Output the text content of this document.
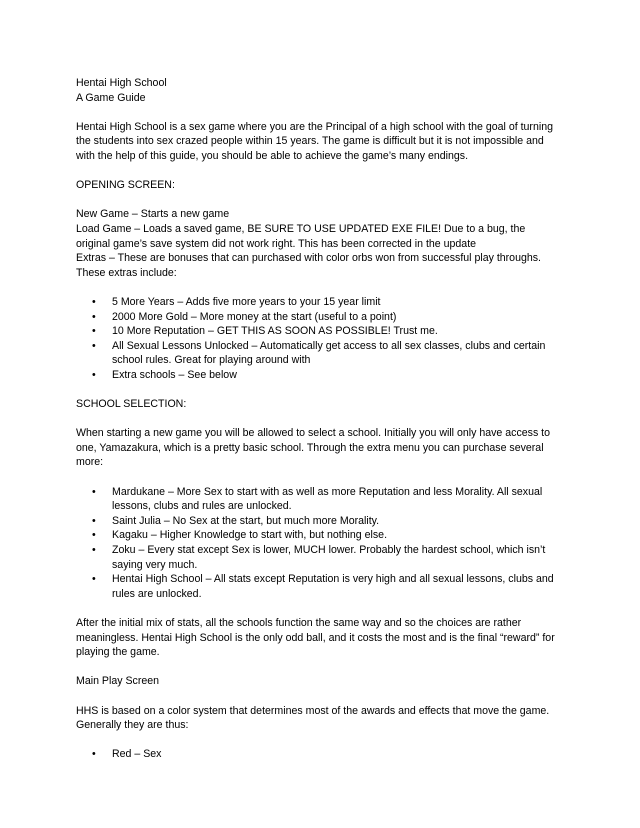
Hentai High School

A Game Guide

Hentai High School is a sex game where you are the Principal of a high school with the goal of turning the students into sex crazed people within 15 years. The game is difficult but it is not impossible and with the help of this guide, you should be able to achieve the game’s many endings.

OPENING SCREEN:

New Game – Starts a new game

Load Game – Loads a saved game, BE SURE TO USE UPDATED EXE FILE! Due to a bug, the original game’s save system did not work right. This has been corrected in the update

Extras – These are bonuses that can purchased with color orbs won from successful play throughs. These extras include:

• 5 More Years – Adds five more years to your 15 year limit
• 2000 More Gold – More money at the start (useful to a point)
• 10 More Reputation – GET THIS AS SOON AS POSSIBLE! Trust me.
• All Sexual Lessons Unlocked – Automatically get access to all sex classes, clubs and certain school rules. Great for playing around with
• Extra schools – See below

SCHOOL SELECTION:

When starting a new game you will be allowed to select a school. Initially you will only have access to one, Yamazakura, which is a pretty basic school. Through the extra menu you can purchase several more:

• Mardukane – More Sex to start with as well as more Reputation and less Morality. All sexual lessons, clubs and rules are unlocked.
• Saint Julia – No Sex at the start, but much more Morality.
• Kagaku – Higher Knowledge to start with, but nothing else.
• Zoku – Every stat except Sex is lower, MUCH lower. Probably the hardest school, which isn’t saying very much.
• Hentai High School – All stats except Reputation is very high and all sexual lessons, clubs and rules are unlocked.

After the initial mix of stats, all the schools function the same way and so the choices are rather meaningless. Hentai High School is the only odd ball, and it costs the most and is the final “reward” for playing the game.

Main Play Screen

HHS is based on a color system that determines most of the awards and effects that move the game. Generally they are thus:

• Red – Sex
